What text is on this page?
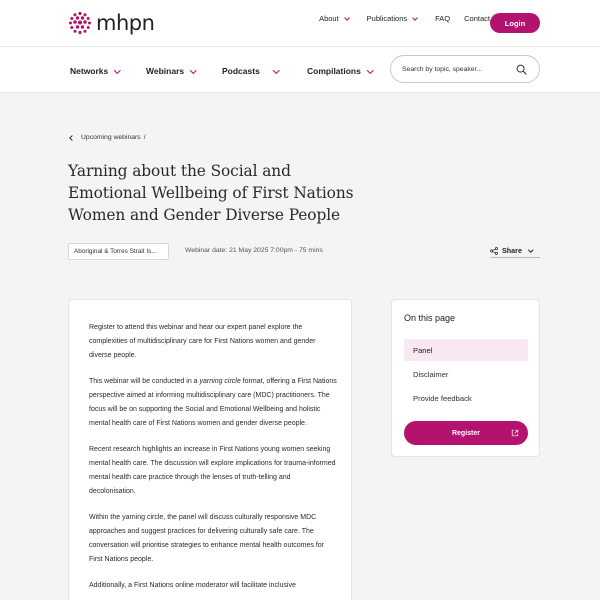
mhpn	About	Publications	FAQ Contact	Login
Networks	Webinars	Podcasts	Compilations
Search by topic, speaker...
Upcoming webinars /
Yarning about the Social and Emotional Wellbeing of First Nations Women and Gender Diverse People
Aboriginal & Torres Strait Is...	Webinar date: 21 May 2025 7:00pm - 75 mins	Share

Register to attend this webinar and hear our expert panel explore the complexities of multidisciplinary care for First Nations women and gender diverse people.

This webinar will be conducted in a yarning circle format, offering a First Nations perspective aimed at informing multidisciplinary care (MDC) practitioners. The focus will be on supporting the Social and Emotional Wellbeing and holistic mental health care of First Nations women and gender diverse people.

Recent research highlights an increase in First Nations young women seeking mental health care. The discussion will explore implications for trauma-informed mental health care practice through the lenses of truth-telling and decolonisation.

Within the yarning circle, the panel will discuss culturally responsive MDC approaches and suggest practices for delivering culturally safe care. The conversation will prioritise strategies to enhance mental health outcomes for First Nations people.

Additionally, a First Nations online moderator will facilitate inclusive

On this page
Panel
Disclaimer
Provide feedback
Register
